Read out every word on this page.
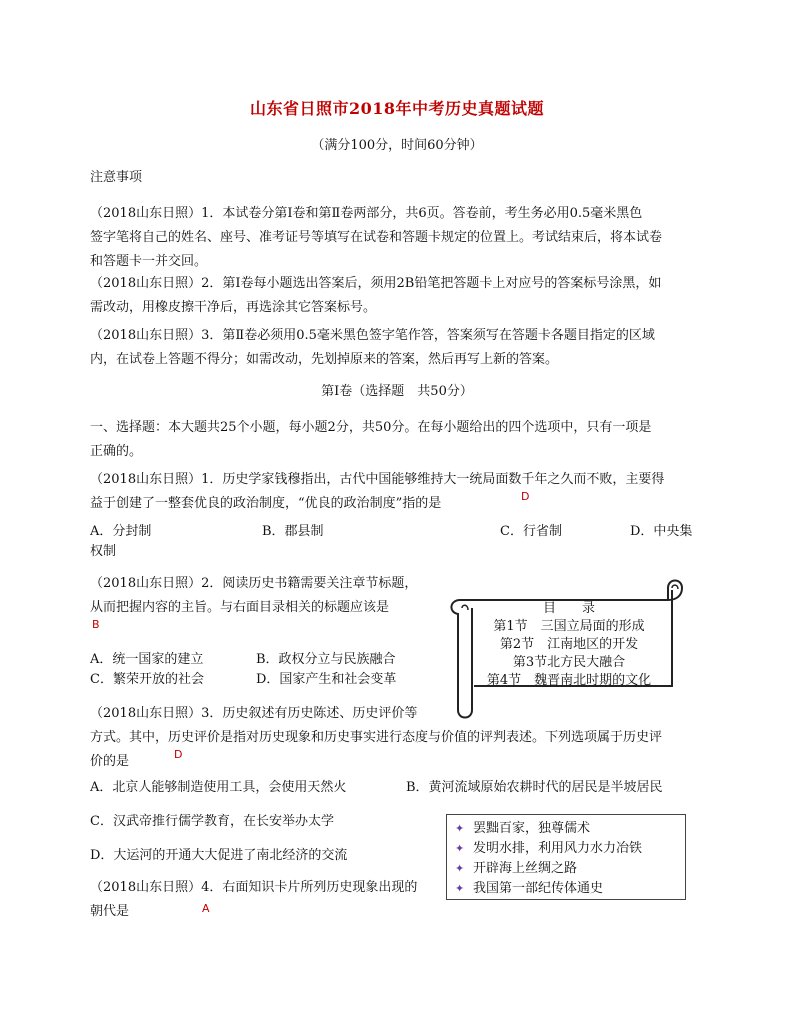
山东省日照市2018年中考历史真题试题
（满分100分，时间60分钟）
注意事项
（2018山东日照）1．本试卷分第Ⅰ卷和第Ⅱ卷两部分，共6页。答卷前，考生务必用0.5毫米黑色
签字笔将自己的姓名、座号、准考证号等填写在试卷和答题卡规定的位置上。考试结束后，将本试卷
和答题卡一并交回。
（2018山东日照）2．第Ⅰ卷每小题选出答案后，须用2B铅笔把答题卡上对应号的答案标号涂黑，如
需改动，用橡皮擦干净后，再选涂其它答案标号。
（2018山东日照）3．第Ⅱ卷必须用0.5毫米黑色签字笔作答，答案须写在答题卡各题目指定的区域
内，在试卷上答题不得分；如需改动，先划掉原来的答案，然后再写上新的答案。
第Ⅰ卷（选择题　共50分）
一、选择题：本大题共25个小题，每小题2分，共50分。在每小题给出的四个选项中，只有一项是
正确的。
（2018山东日照）1．历史学家钱穆指出，古代中国能够维持大一统局面数千年之久而不败，主要得
益于创建了一整套优良的政治制度，“优良的政治制度”指的是	D
A．分封制	B．郡县制	C．行省制	D．中央集
权制
（2018山东日照）2．阅读历史书籍需要关注章节标题，
从而把握内容的主旨。与右面目录相关的标题应该是
B
A．统一国家的建立	B．政权分立与民族融合
C．繁荣开放的社会	D．国家产生和社会变革
目　　录
第1节　三国立局面的形成
第2节　江南地区的开发
第3节北方民大融合
第4节　魏晋南北时期的文化
（2018山东日照）3．历史叙述有历史陈述、历史评价等
方式。其中，历史评价是指对历史现象和历史事实进行态度与价值的评判表述。下列选项属于历史评
价的是	D
A．北京人能够制造使用工具，会使用天然火	B．黄河流域原始农耕时代的居民是半坡居民
C．汉武帝推行儒学教育，在长安举办太学
D．大运河的开通大大促进了南北经济的交流
✦ 罢黜百家，独尊儒术
✦ 发明水排，利用风力水力冶铁
✦ 开辟海上丝绸之路
✦ 我国第一部纪传体通史
（2018山东日照）4．右面知识卡片所列历史现象出现的
朝代是	A
